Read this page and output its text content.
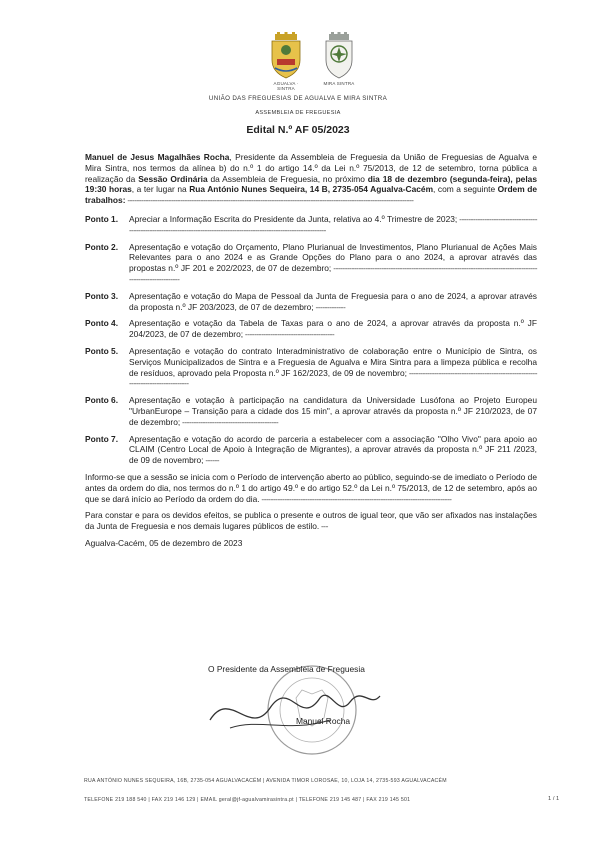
AGUALVA · SINTRA
MIRA SINTRA
UNIÃO DAS FREGUESIAS DE AGUALVA E MIRA SINTRA
ASSEMBLEIA DE FREGUESIA
Edital N.º AF 05/2023

Manuel de Jesus Magalhães Rocha, Presidente da Assembleia de Freguesia da União de Freguesias de Agualva e Mira Sintra, nos termos da alínea b) do n.º 1 do artigo 14.º da Lei n.º 75/2013, de 12 de setembro, torna pública a realização da Sessão Ordinária da Assembleia de Freguesia, no próximo dia 18 de dezembro (segunda-feira), pelas 19:30 horas, a ter lugar na Rua António Nunes Sequeira, 14 B, 2735-054 Agualva-Cacém, com a seguinte Ordem de trabalhos: -----------------------------------------------------------------------------------------------------------------------------

Ponto 1.	Apreciar a Informação Escrita do Presidente da Junta, relativa ao 4.º Trimestre de 2023; ------------------------------------------------------------------------------------------------------------------------
Ponto 2.	Apresentação e votação do Orçamento, Plano Plurianual de Investimentos, Plano Plurianual de Ações Mais Relevantes para o ano 2024 e as Grande Opções do Plano para o ano 2024, a aprovar através das propostas n.º JF 201 e 202/2023, de 07 de dezembro; ---------------------------------------------------------------------------------------------------------------
Ponto 3.	Apresentação e votação do Mapa de Pessoal da Junta de Freguesia para o ano de 2024, a aprovar através da proposta n.º JF 203/2023, de 07 de dezembro; -------------
Ponto 4.	Apresentação e votação da Tabela de Taxas para o ano de 2024, a aprovar através da proposta n.º JF 204/2023, de 07 de dezembro; ---------------------------------------
Ponto 5.	Apresentação e votação do contrato Interadministrativo de colaboração entre o Município de Sintra, os Serviços Municipalizados de Sintra e a Freguesia de Agualva e Mira Sintra para a limpeza pública e recolha de resíduos, aprovado pela Proposta n.º JF 162/2023, de 09 de novembro; ----------------------------------------------------------------------------------
Ponto 6.	Apresentação e votação à participação na candidatura da Universidade Lusófona ao Projeto Europeu "UrbanEurope – Transição para a cidade dos 15 min", a aprovar através da proposta n.º JF 210/2023, de 07 de dezembro; ------------------------------------------
Ponto 7.	Apresentação e votação do acordo de parceria a estabelecer com a associação "Olho Vivo" para apoio ao CLAIM (Centro Local de Apoio à Integração de Migrantes), a aprovar através da proposta n.º JF 211 /2023, de 09 de novembro; ------

Informo-se que a sessão se inicia com o Período de intervenção aberto ao público, seguindo-se de imediato o Período de antes da ordem do dia, nos termos do n.º 1 do artigo 49.º e do artigo 52.º da Lei n.º 75/2013, de 12 de setembro, após ao que se dará início ao Período da ordem do dia. -----------------------------------------------------------------------------------

Para constar e para os devidos efeitos, se publica o presente e outros de igual teor, que vão ser afixados nas instalações da Junta de Freguesia e nos demais lugares públicos de estilo. ---

Agualva-Cacém, 05 de dezembro de 2023

O Presidente da Assembleia de Freguesia
Manuel Rocha
RUA ANTÓNIO NUNES SEQUEIRA, 16B, 2735-054 AGUALVACACÉM | AVENIDA TIMOR LOROSAE, 10, LOJA 14, 2735-593 AGUALVACACÉM
TELEFONE 219 188 540 | FAX 219 146 129 | EMAIL geral@jf-agualvamirasintra.pt | TELEFONE 219 145 487 | FAX 219 145 501	1 / 1
